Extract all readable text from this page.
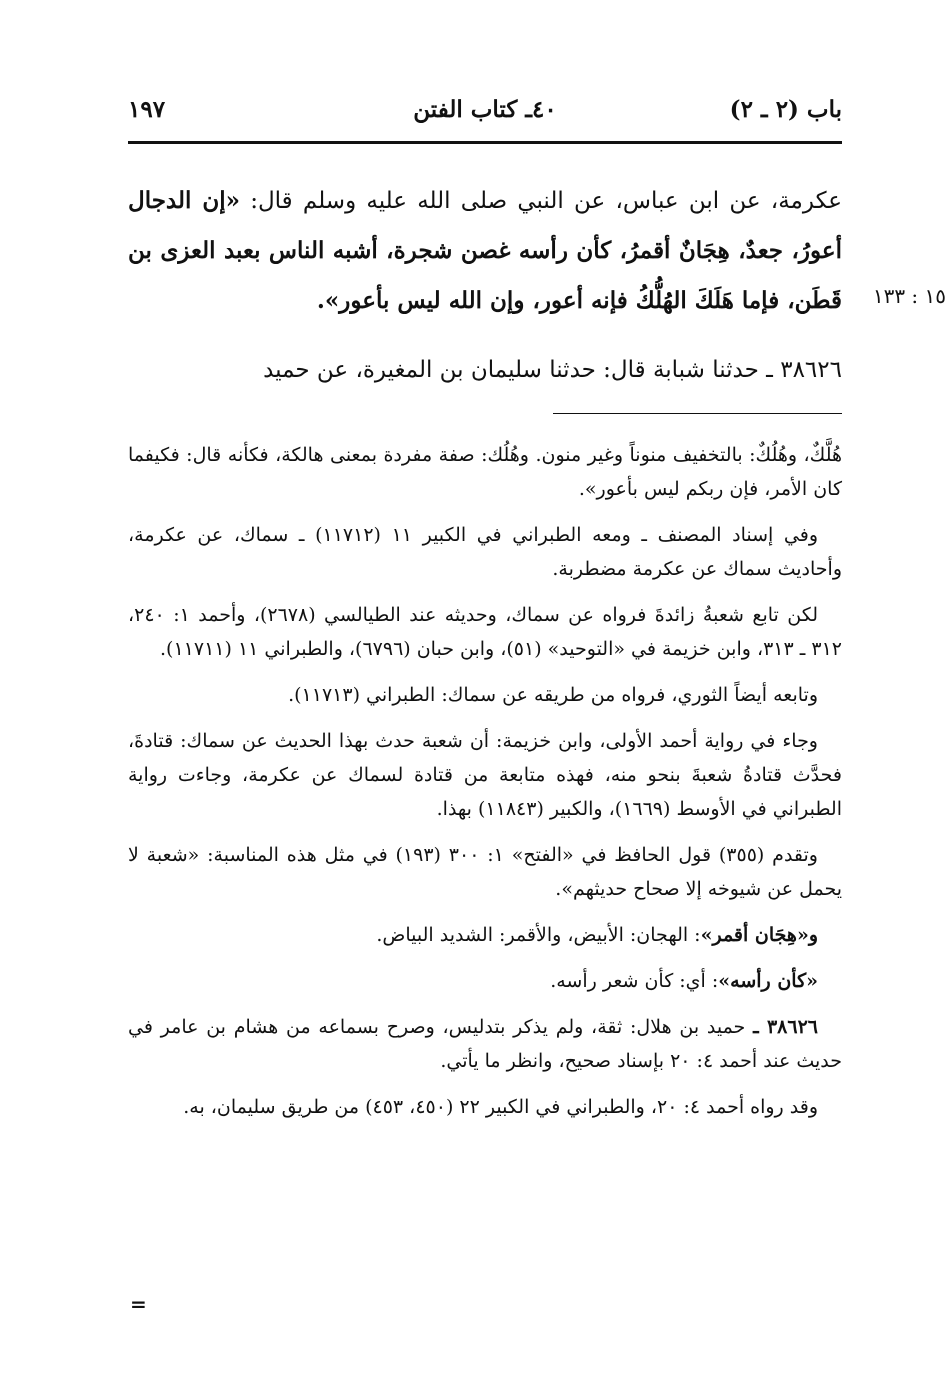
باب (٢ ـ ٢)
٤٠ـ كتاب الفتن
١٩٧

عكرمة، عن ابن عباس، عن النبي صلى الله عليه وسلم قال: «إن الدجال أعورُ، جعدٌ، هِجَانٌ أقمرُ، كأن رأسه غصن شجرة، أشبه الناس بعبد العزى بن قَطَن، فإما هَلَكَ الهُلُّكُ فإنه أعور، وإن الله ليس بأعور».

٣٨٦٢٦ ـ حدثنا شبابة قال: حدثنا سليمان بن المغيرة، عن حميد

١٥ : ١٣٣

هُلَّكٌ، وهُلُكٌ: بالتخفيف منوناً وغير منون. وهُلُك: صفة مفردة بمعنى هالكة، فكأنه قال: فكيفما كان الأمر، فإن ربكم ليس بأعور».

وفي إسناد المصنف ـ ومعه الطبراني في الكبير ١١ (١١٧١٢) ـ سماك، عن عكرمة، وأحاديث سماك عن عكرمة مضطربة.

لكن تابع شعبةُ زائدةَ فرواه عن سماك، وحديثه عند الطيالسي (٢٦٧٨)، وأحمد ١: ٢٤٠، ٣١٢ ـ ٣١٣، وابن خزيمة في «التوحيد» (٥١)، وابن حبان (٦٧٩٦)، والطبراني ١١ (١١٧١١).

وتابعه أيضاً الثوري، فرواه من طريقه عن سماك: الطبراني (١١٧١٣).

وجاء في رواية أحمد الأولى، وابن خزيمة: أن شعبة حدث بهذا الحديث عن سماك: قتادةَ، فحدَّث قتادةُ شعبةَ بنحو منه، فهذه متابعة من قتادة لسماك عن عكرمة، وجاءت رواية الطبراني في الأوسط (١٦٦٩)، والكبير (١١٨٤٣) بهذا.

وتقدم (٣٥٥) قول الحافظ في «الفتح» ١: ٣٠٠ (١٩٣) في مثل هذه المناسبة: «شعبة لا يحمل عن شيوخه إلا صحاح حديثهم».

و«هِجَان أقمر»: الهجان: الأبيض، والأقمر: الشديد البياض.

«كأن رأسه»: أي: كأن شعر رأسه.

٣٨٦٢٦ ـ حميد بن هلال: ثقة، ولم يذكر بتدليس، وصرح بسماعه من هشام بن عامر في حديث عند أحمد ٤: ٢٠ بإسناد صحيح، وانظر ما يأتي.

وقد رواه أحمد ٤: ٢٠، والطبراني في الكبير ٢٢ (٤٥٠، ٤٥٣) من طريق سليمان، به.

=
